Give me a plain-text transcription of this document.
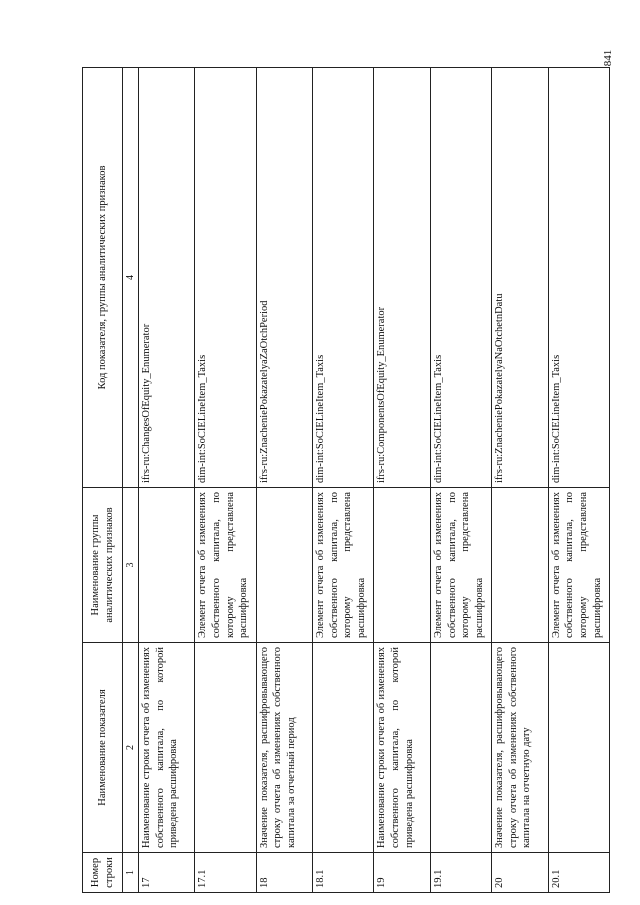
841
Номер строки	Наименование показателя	Наименование группы аналитических признаков	Код показателя, группы аналитических признаков
1	2	3	4
17	Наименование строки отчета об изменениях собственного капитала, по которой приведена расшифровка		ifrs-ru:ChangesOfEquity_Enumerator
17.1		Элемент отчета об изменениях собственного капитала, по которому представлена расшифровка	dim-int:SoCIELineItem_Taxis
18	Значение показателя, расшифровывающего строку отчета об изменениях собственного капитала за отчетный период		ifrs-ru:ZnacheniePokazatelyaZaOtchPeriod
18.1		Элемент отчета об изменениях собственного капитала, по которому представлена расшифровка	dim-int:SoCIELineItem_Taxis
19	Наименование строки отчета об изменениях собственного капитала, по которой приведена расшифровка		ifrs-ru:ComponentsOfEquity_Enumerator
19.1		Элемент отчета об изменениях собственного капитала, по которому представлена расшифровка	dim-int:SoCIELineItem_Taxis
20	Значение показателя, расшифровывающего строку отчета об изменениях собственного капитала на отчетную дату		ifrs-ru:ZnacheniePokazatelyaNaOtchetnDatu
20.1		Элемент отчета об изменениях собственного капитала, по которому представлена расшифровка	dim-int:SoCIELineItem_Taxis
